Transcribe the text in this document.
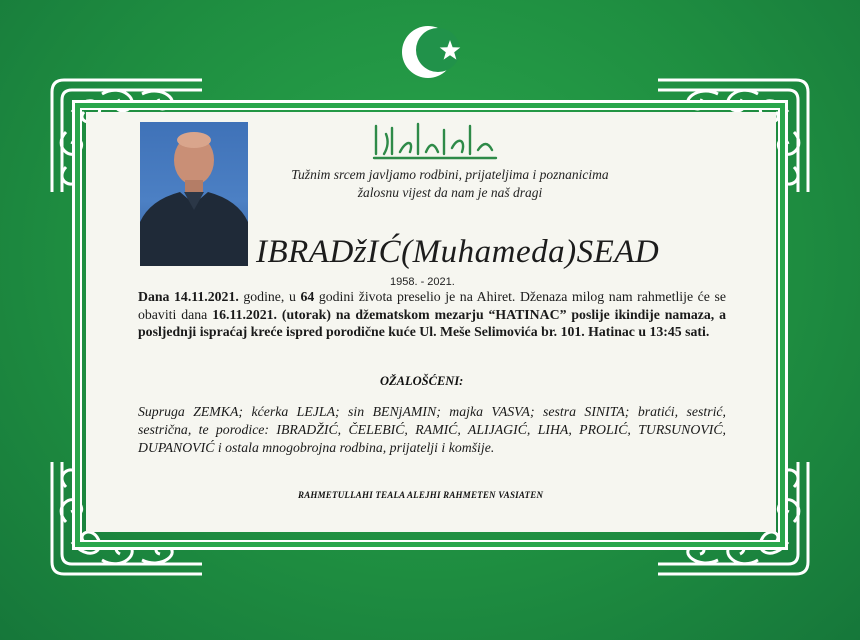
Tužnim srcem javljamo rodbini, prijateljima i poznanicima
žalosnu vijest da nam je naš dragi
IBRADžIĆ(Muhameda)SEAD
1958. - 2021.
Dana 14.11.2021. godine, u 64 godini života preselio je na Ahiret. Dženaza milog nam rahmetlije će se obaviti dana 16.11.2021. (utorak) na džematskom mezarju “HATINAC” poslije ikindije namaza, a posljednji ispraćaj kreće ispred porodične kuće Ul. Meše Selimovića br. 101. Hatinac u 13:45 sati.
OŽALOŠĆENI:
Supruga ZEMKA; kćerka LEJLA; sin BENjAMIN; majka VASVA; sestra SINITA; bratići, sestrić, sestrična, te porodice: IBRADŽIĆ, ČELEBIĆ, RAMIĆ, ALIJAGIĆ, LIHA, PROLIĆ, TURSUNOVIĆ, DUPANOVIĆ i ostala mnogobrojna rodbina, prijatelji i komšije.
RAHMETULLAHI TEALA ALEJHI RAHMETEN VASIATEN
